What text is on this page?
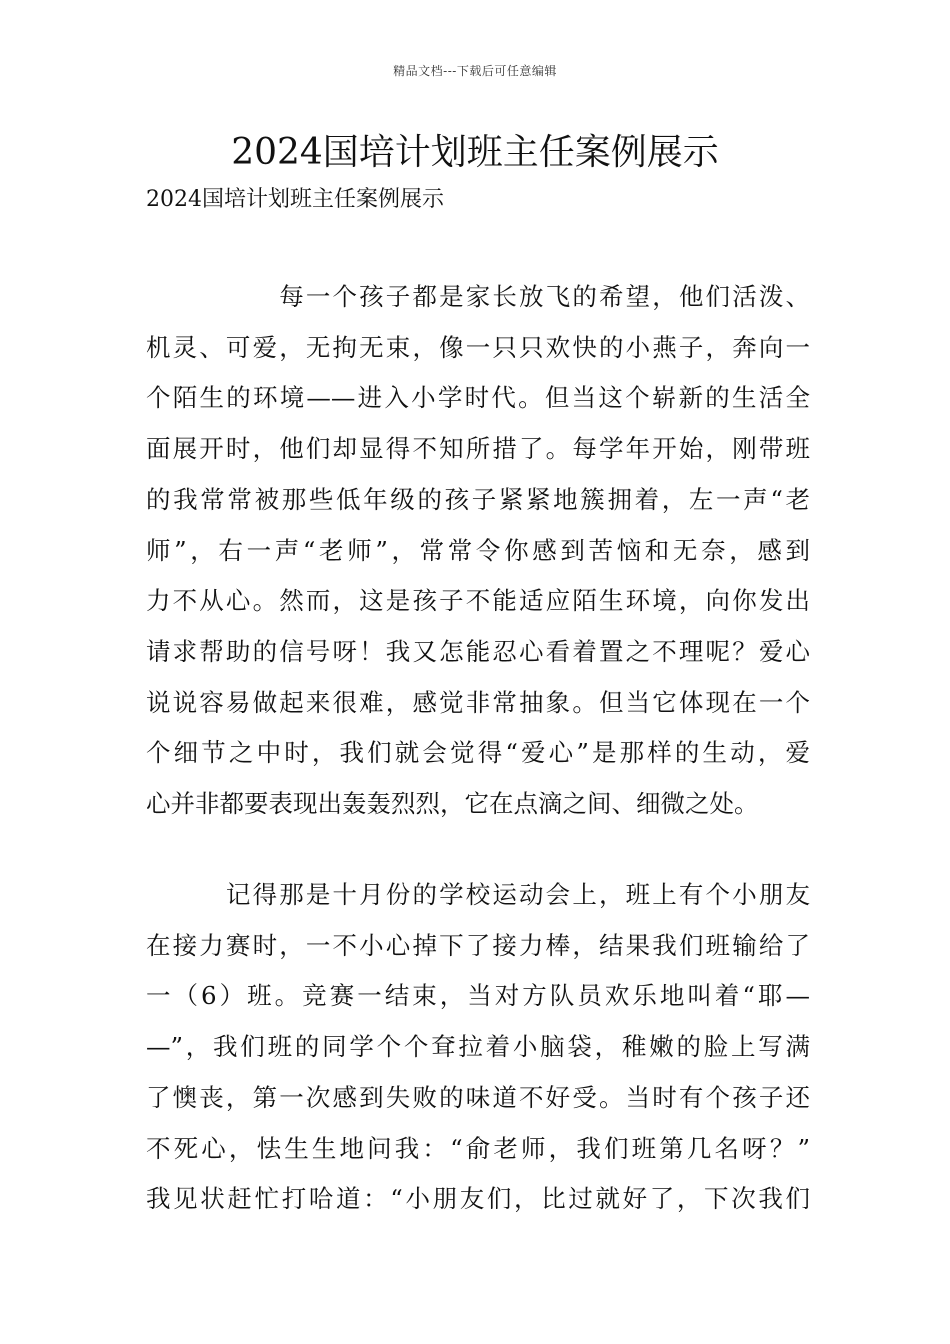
精品文档---下载后可任意编辑
2024国培计划班主任案例展示

2024国培计划班主任案例展示

　　　　　每一个孩子都是家长放飞的希望，他们活泼、
机灵、可爱，无拘无束，像一只只欢快的小燕子，奔向一
个陌生的环境——进入小学时代。但当这个崭新的生活全
面展开时，他们却显得不知所措了。每学年开始，刚带班
的我常常被那些低年级的孩子紧紧地簇拥着，左一声“老
师”，右一声“老师”，常常令你感到苦恼和无奈，感到
力不从心。然而，这是孩子不能适应陌生环境，向你发出
请求帮助的信号呀！我又怎能忍心看着置之不理呢？爱心
说说容易做起来很难，感觉非常抽象。但当它体现在一个
个细节之中时，我们就会觉得“爱心”是那样的生动，爱
心并非都要表现出轰轰烈烈，它在点滴之间、细微之处。
　　　记得那是十月份的学校运动会上，班上有个小朋友
在接力赛时，一不小心掉下了接力棒，结果我们班输给了
一（6）班。竞赛一结束，当对方队员欢乐地叫着“耶—
—”，我们班的同学个个耷拉着小脑袋，稚嫩的脸上写满
了懊丧，第一次感到失败的味道不好受。当时有个孩子还
不死心，怯生生地问我：“俞老师，我们班第几名呀？”
我见状赶忙打哈道：“小朋友们，比过就好了，下次我们
